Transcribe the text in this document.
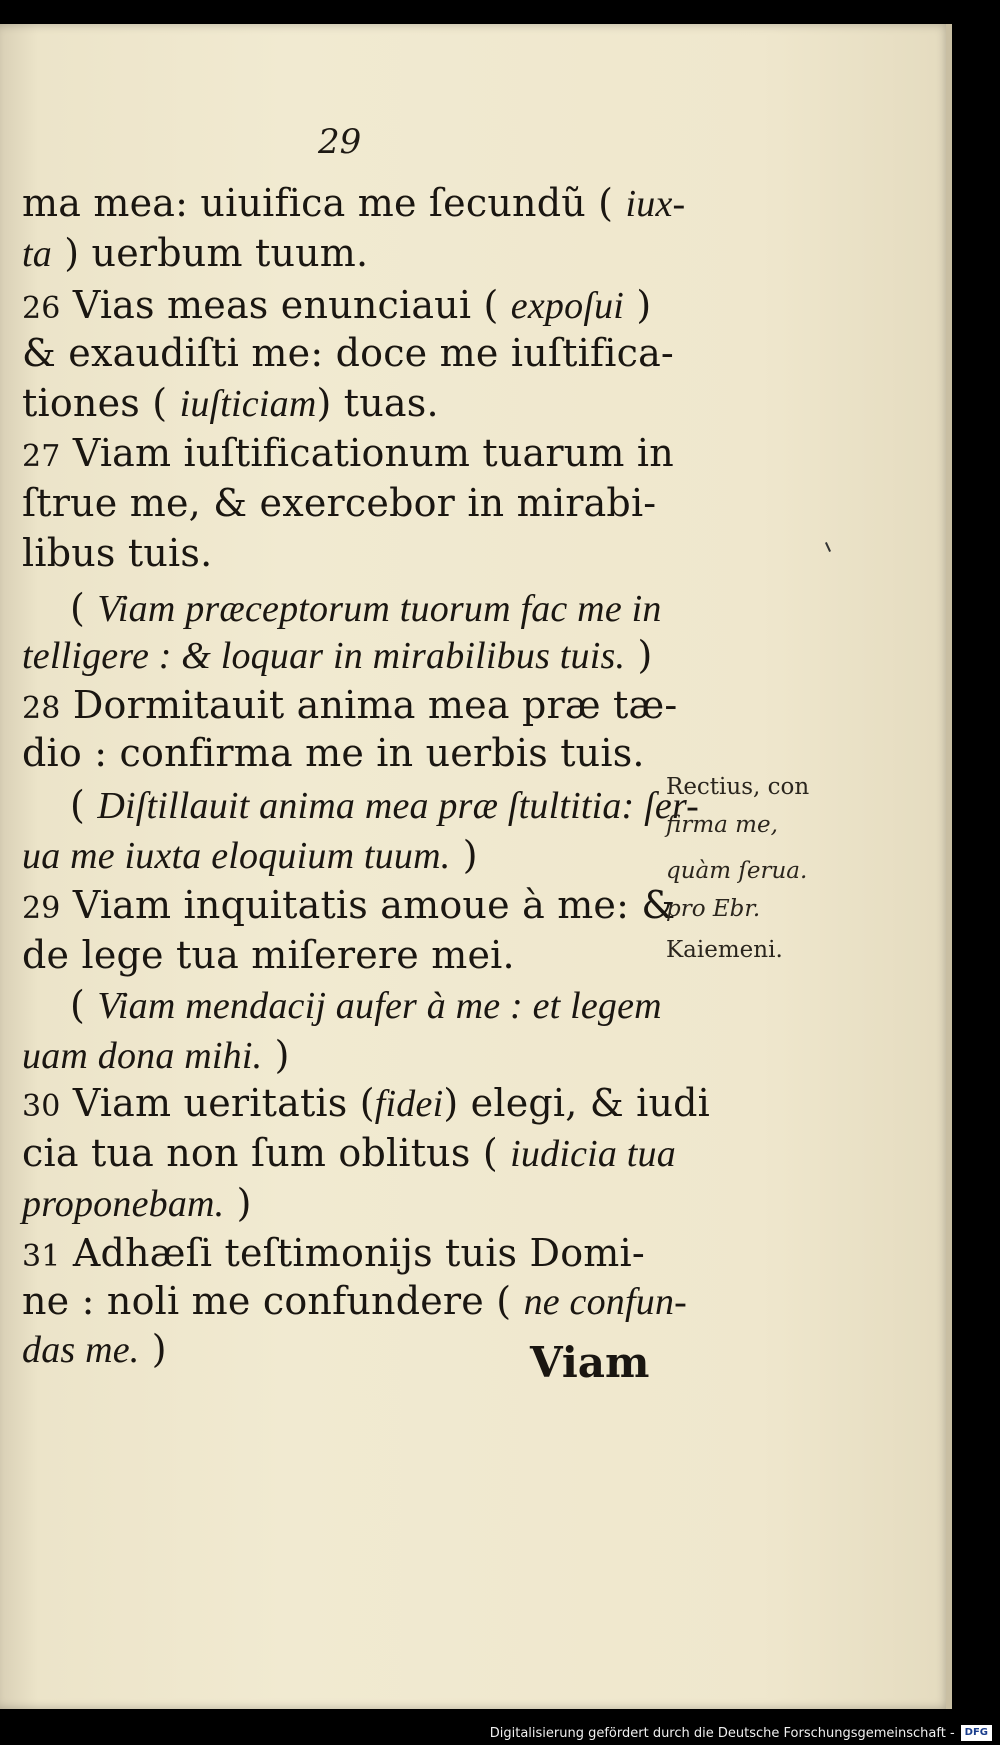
29
ma mea: uiuifica me ſecundũ ( iux-
ta ) uerbum tuum.
26 Vias meas enunciaui ( expoſui )
& exaudiſti me: doce me iuſtifica-
tiones ( iuſticiam) tuas.
27 Viam iuſtificationum tuarum in
ſtrue me, & exercebor in mirabi-
libus tuis.
( Viam præceptorum tuorum fac me in
telligere : & loquar in mirabilibus tuis. )
28 Dormitauit anima mea præ tæ-
dio : confirma me in uerbis tuis.
( Diſtillauit anima mea præ ſtultitia: ſer-
ua me iuxta eloquium tuum. )
29 Viam inquitatis amoue à me: &
de lege tua miſerere mei.
( Viam mendacij aufer à me : et legem
uam dona mihi. )
30 Viam ueritatis (fidei) elegi, & iudi
cia tua non ſum oblitus ( iudicia tua
proponebam. )
31 Adhæſi teſtimonijs tuis Domi-
ne : noli me confundere ( ne confun-
das me. )
Rectius, con
firma me,
quàm ſerua.
pro Ebr.
Kaiemeni.
Viam
Digitalisierung gefördert durch die Deutsche Forschungsgemeinschaft -	DFG
